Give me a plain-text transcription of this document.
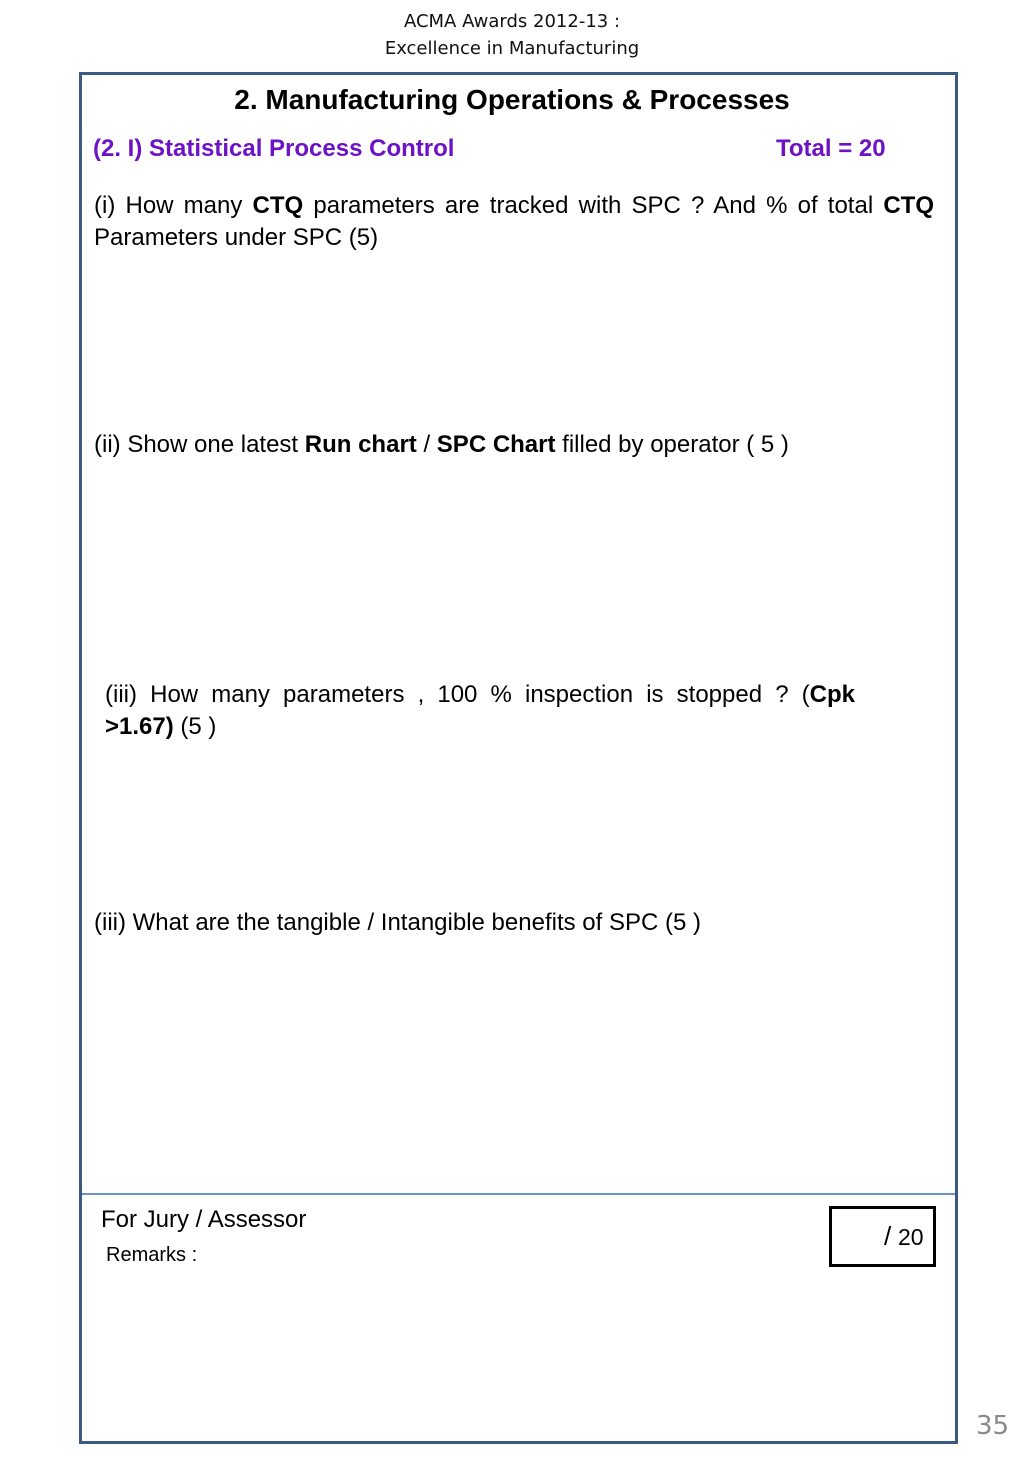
ACMA Awards 2012-13 :
Excellence in Manufacturing
2. Manufacturing Operations & Processes
(2. I) Statistical Process Control	Total = 20
(i) How many CTQ parameters are tracked with SPC ? And % of total CTQ Parameters under SPC (5)
(ii) Show one latest Run chart / SPC Chart filled by operator ( 5 )
(iii) How many parameters , 100 % inspection is stopped ? (Cpk >1.67) (5 )
(iii) What are the tangible / Intangible benefits of SPC (5 )
For Jury / Assessor
Remarks :
/ 20
35
